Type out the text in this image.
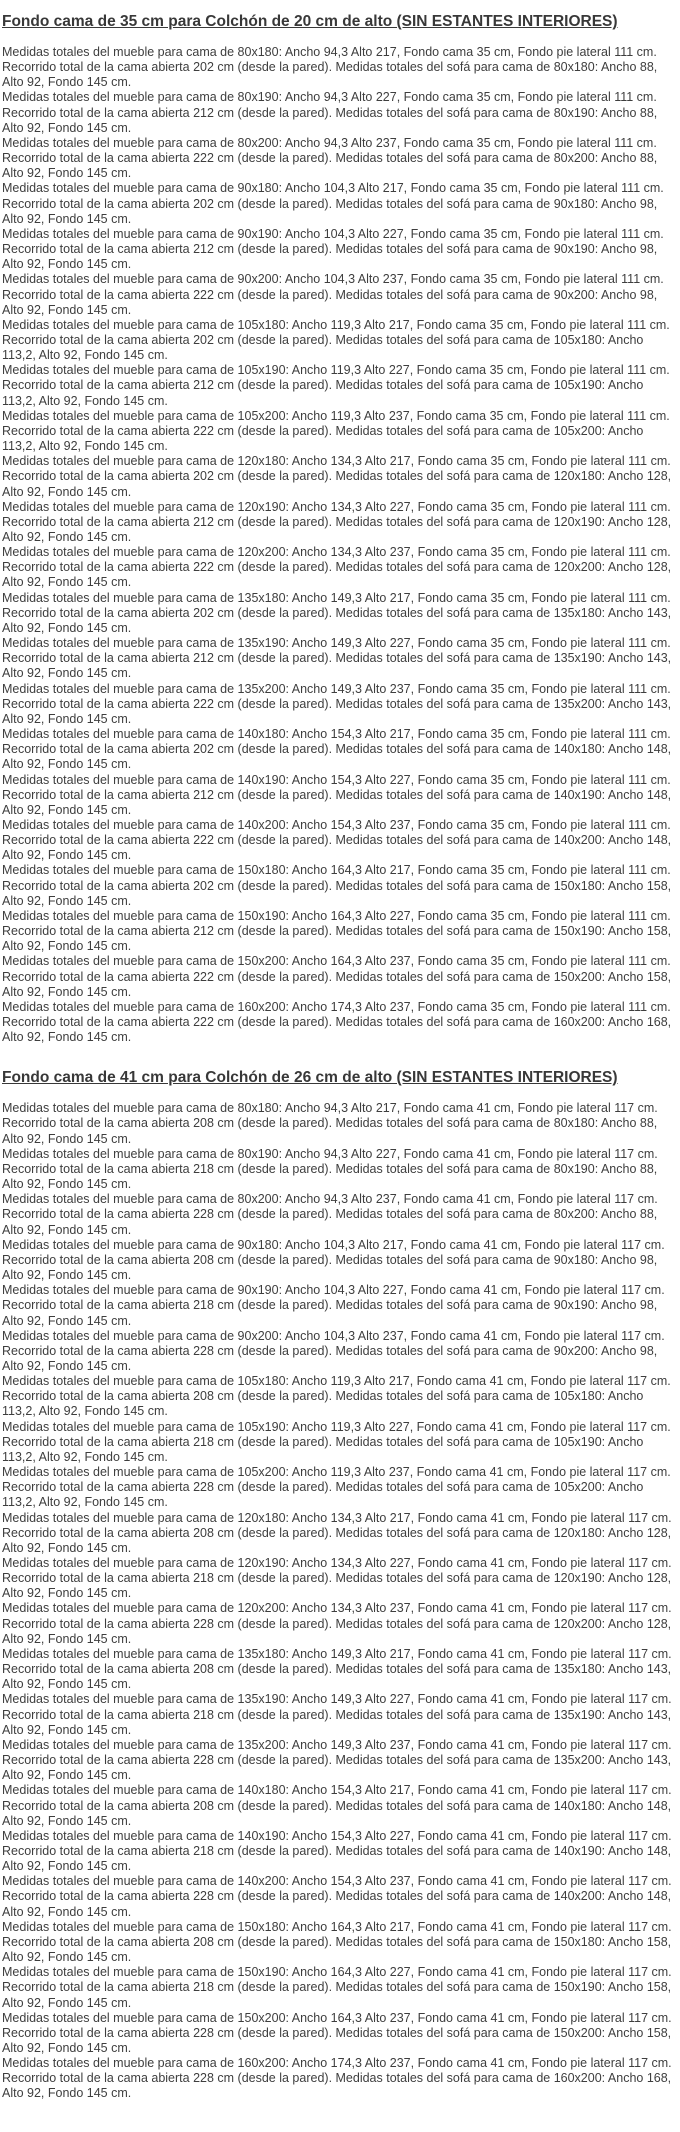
Fondo cama de 35 cm para Colchón de 20 cm de alto (SIN ESTANTES INTERIORES)

Medidas totales del mueble para cama de 80x180: Ancho 94,3 Alto 217, Fondo cama 35 cm, Fondo pie lateral 111 cm. Recorrido total de la cama abierta 202 cm (desde la pared). Medidas totales del sofá para cama de 80x180: Ancho 88, Alto 92, Fondo 145 cm.

Medidas totales del mueble para cama de 80x190: Ancho 94,3 Alto 227, Fondo cama 35 cm, Fondo pie lateral 111 cm. Recorrido total de la cama abierta 212 cm (desde la pared). Medidas totales del sofá para cama de 80x190: Ancho 88, Alto 92, Fondo 145 cm.

Medidas totales del mueble para cama de 80x200: Ancho 94,3 Alto 237, Fondo cama 35 cm, Fondo pie lateral 111 cm. Recorrido total de la cama abierta 222 cm (desde la pared). Medidas totales del sofá para cama de 80x200: Ancho 88, Alto 92, Fondo 145 cm.

Medidas totales del mueble para cama de 90x180: Ancho 104,3 Alto 217, Fondo cama 35 cm, Fondo pie lateral 111 cm. Recorrido total de la cama abierta 202 cm (desde la pared). Medidas totales del sofá para cama de 90x180: Ancho 98, Alto 92, Fondo 145 cm.

Medidas totales del mueble para cama de 90x190: Ancho 104,3 Alto 227, Fondo cama 35 cm, Fondo pie lateral 111 cm. Recorrido total de la cama abierta 212 cm (desde la pared). Medidas totales del sofá para cama de 90x190: Ancho 98, Alto 92, Fondo 145 cm.

Medidas totales del mueble para cama de 90x200: Ancho 104,3 Alto 237, Fondo cama 35 cm, Fondo pie lateral 111 cm. Recorrido total de la cama abierta 222 cm (desde la pared). Medidas totales del sofá para cama de 90x200: Ancho 98, Alto 92, Fondo 145 cm.

Medidas totales del mueble para cama de 105x180: Ancho 119,3 Alto 217, Fondo cama 35 cm, Fondo pie lateral 111 cm. Recorrido total de la cama abierta 202 cm (desde la pared). Medidas totales del sofá para cama de 105x180: Ancho 113,2, Alto 92, Fondo 145 cm.

Medidas totales del mueble para cama de 105x190: Ancho 119,3 Alto 227, Fondo cama 35 cm, Fondo pie lateral 111 cm. Recorrido total de la cama abierta 212 cm (desde la pared). Medidas totales del sofá para cama de 105x190: Ancho 113,2, Alto 92, Fondo 145 cm.

Medidas totales del mueble para cama de 105x200: Ancho 119,3 Alto 237, Fondo cama 35 cm, Fondo pie lateral 111 cm. Recorrido total de la cama abierta 222 cm (desde la pared). Medidas totales del sofá para cama de 105x200: Ancho 113,2, Alto 92, Fondo 145 cm.

Medidas totales del mueble para cama de 120x180: Ancho 134,3 Alto 217, Fondo cama 35 cm, Fondo pie lateral 111 cm. Recorrido total de la cama abierta 202 cm (desde la pared). Medidas totales del sofá para cama de 120x180: Ancho 128, Alto 92, Fondo 145 cm.

Medidas totales del mueble para cama de 120x190: Ancho 134,3 Alto 227, Fondo cama 35 cm, Fondo pie lateral 111 cm. Recorrido total de la cama abierta 212 cm (desde la pared). Medidas totales del sofá para cama de 120x190: Ancho 128, Alto 92, Fondo 145 cm.

Medidas totales del mueble para cama de 120x200: Ancho 134,3 Alto 237, Fondo cama 35 cm, Fondo pie lateral 111 cm. Recorrido total de la cama abierta 222 cm (desde la pared). Medidas totales del sofá para cama de 120x200: Ancho 128, Alto 92, Fondo 145 cm.

Medidas totales del mueble para cama de 135x180: Ancho 149,3 Alto 217, Fondo cama 35 cm, Fondo pie lateral 111 cm. Recorrido total de la cama abierta 202 cm (desde la pared). Medidas totales del sofá para cama de 135x180: Ancho 143, Alto 92, Fondo 145 cm.

Medidas totales del mueble para cama de 135x190: Ancho 149,3 Alto 227, Fondo cama 35 cm, Fondo pie lateral 111 cm. Recorrido total de la cama abierta 212 cm (desde la pared). Medidas totales del sofá para cama de 135x190: Ancho 143, Alto 92, Fondo 145 cm.

Medidas totales del mueble para cama de 135x200: Ancho 149,3 Alto 237, Fondo cama 35 cm, Fondo pie lateral 111 cm. Recorrido total de la cama abierta 222 cm (desde la pared). Medidas totales del sofá para cama de 135x200: Ancho 143, Alto 92, Fondo 145 cm.

Medidas totales del mueble para cama de 140x180: Ancho 154,3 Alto 217, Fondo cama 35 cm, Fondo pie lateral 111 cm. Recorrido total de la cama abierta 202 cm (desde la pared). Medidas totales del sofá para cama de 140x180: Ancho 148, Alto 92, Fondo 145 cm.

Medidas totales del mueble para cama de 140x190: Ancho 154,3 Alto 227, Fondo cama 35 cm, Fondo pie lateral 111 cm. Recorrido total de la cama abierta 212 cm (desde la pared). Medidas totales del sofá para cama de 140x190: Ancho 148, Alto 92, Fondo 145 cm.

Medidas totales del mueble para cama de 140x200: Ancho 154,3 Alto 237, Fondo cama 35 cm, Fondo pie lateral 111 cm. Recorrido total de la cama abierta 222 cm (desde la pared). Medidas totales del sofá para cama de 140x200: Ancho 148, Alto 92, Fondo 145 cm.

Medidas totales del mueble para cama de 150x180: Ancho 164,3 Alto 217, Fondo cama 35 cm, Fondo pie lateral 111 cm. Recorrido total de la cama abierta 202 cm (desde la pared). Medidas totales del sofá para cama de 150x180: Ancho 158, Alto 92, Fondo 145 cm.

Medidas totales del mueble para cama de 150x190: Ancho 164,3 Alto 227, Fondo cama 35 cm, Fondo pie lateral 111 cm. Recorrido total de la cama abierta 212 cm (desde la pared). Medidas totales del sofá para cama de 150x190: Ancho 158, Alto 92, Fondo 145 cm.

Medidas totales del mueble para cama de 150x200: Ancho 164,3 Alto 237, Fondo cama 35 cm, Fondo pie lateral 111 cm. Recorrido total de la cama abierta 222 cm (desde la pared). Medidas totales del sofá para cama de 150x200: Ancho 158, Alto 92, Fondo 145 cm.

Medidas totales del mueble para cama de 160x200: Ancho 174,3 Alto 237, Fondo cama 35 cm, Fondo pie lateral 111 cm. Recorrido total de la cama abierta 222 cm (desde la pared). Medidas totales del sofá para cama de 160x200: Ancho 168, Alto 92, Fondo 145 cm.

Fondo cama de 41 cm para Colchón de 26 cm de alto (SIN ESTANTES INTERIORES)

Medidas totales del mueble para cama de 80x180: Ancho 94,3 Alto 217, Fondo cama 41 cm, Fondo pie lateral 117 cm. Recorrido total de la cama abierta 208 cm (desde la pared). Medidas totales del sofá para cama de 80x180: Ancho 88, Alto 92, Fondo 145 cm.

Medidas totales del mueble para cama de 80x190: Ancho 94,3 Alto 227, Fondo cama 41 cm, Fondo pie lateral 117 cm. Recorrido total de la cama abierta 218 cm (desde la pared). Medidas totales del sofá para cama de 80x190: Ancho 88, Alto 92, Fondo 145 cm.

Medidas totales del mueble para cama de 80x200: Ancho 94,3 Alto 237, Fondo cama 41 cm, Fondo pie lateral 117 cm. Recorrido total de la cama abierta 228 cm (desde la pared). Medidas totales del sofá para cama de 80x200: Ancho 88, Alto 92, Fondo 145 cm.

Medidas totales del mueble para cama de 90x180: Ancho 104,3 Alto 217, Fondo cama 41 cm, Fondo pie lateral 117 cm. Recorrido total de la cama abierta 208 cm (desde la pared). Medidas totales del sofá para cama de 90x180: Ancho 98, Alto 92, Fondo 145 cm.

Medidas totales del mueble para cama de 90x190: Ancho 104,3 Alto 227, Fondo cama 41 cm, Fondo pie lateral 117 cm. Recorrido total de la cama abierta 218 cm (desde la pared). Medidas totales del sofá para cama de 90x190: Ancho 98, Alto 92, Fondo 145 cm.

Medidas totales del mueble para cama de 90x200: Ancho 104,3 Alto 237, Fondo cama 41 cm, Fondo pie lateral 117 cm. Recorrido total de la cama abierta 228 cm (desde la pared). Medidas totales del sofá para cama de 90x200: Ancho 98, Alto 92, Fondo 145 cm.

Medidas totales del mueble para cama de 105x180: Ancho 119,3 Alto 217, Fondo cama 41 cm, Fondo pie lateral 117 cm. Recorrido total de la cama abierta 208 cm (desde la pared). Medidas totales del sofá para cama de 105x180: Ancho 113,2, Alto 92, Fondo 145 cm.

Medidas totales del mueble para cama de 105x190: Ancho 119,3 Alto 227, Fondo cama 41 cm, Fondo pie lateral 117 cm. Recorrido total de la cama abierta 218 cm (desde la pared). Medidas totales del sofá para cama de 105x190: Ancho 113,2, Alto 92, Fondo 145 cm.

Medidas totales del mueble para cama de 105x200: Ancho 119,3 Alto 237, Fondo cama 41 cm, Fondo pie lateral 117 cm. Recorrido total de la cama abierta 228 cm (desde la pared). Medidas totales del sofá para cama de 105x200: Ancho 113,2, Alto 92, Fondo 145 cm.

Medidas totales del mueble para cama de 120x180: Ancho 134,3 Alto 217, Fondo cama 41 cm, Fondo pie lateral 117 cm. Recorrido total de la cama abierta 208 cm (desde la pared). Medidas totales del sofá para cama de 120x180: Ancho 128, Alto 92, Fondo 145 cm.

Medidas totales del mueble para cama de 120x190: Ancho 134,3 Alto 227, Fondo cama 41 cm, Fondo pie lateral 117 cm. Recorrido total de la cama abierta 218 cm (desde la pared). Medidas totales del sofá para cama de 120x190: Ancho 128, Alto 92, Fondo 145 cm.

Medidas totales del mueble para cama de 120x200: Ancho 134,3 Alto 237, Fondo cama 41 cm, Fondo pie lateral 117 cm. Recorrido total de la cama abierta 228 cm (desde la pared). Medidas totales del sofá para cama de 120x200: Ancho 128, Alto 92, Fondo 145 cm.

Medidas totales del mueble para cama de 135x180: Ancho 149,3 Alto 217, Fondo cama 41 cm, Fondo pie lateral 117 cm. Recorrido total de la cama abierta 208 cm (desde la pared). Medidas totales del sofá para cama de 135x180: Ancho 143, Alto 92, Fondo 145 cm.

Medidas totales del mueble para cama de 135x190: Ancho 149,3 Alto 227, Fondo cama 41 cm, Fondo pie lateral 117 cm. Recorrido total de la cama abierta 218 cm (desde la pared). Medidas totales del sofá para cama de 135x190: Ancho 143, Alto 92, Fondo 145 cm.

Medidas totales del mueble para cama de 135x200: Ancho 149,3 Alto 237, Fondo cama 41 cm, Fondo pie lateral 117 cm. Recorrido total de la cama abierta 228 cm (desde la pared). Medidas totales del sofá para cama de 135x200: Ancho 143, Alto 92, Fondo 145 cm.

Medidas totales del mueble para cama de 140x180: Ancho 154,3 Alto 217, Fondo cama 41 cm, Fondo pie lateral 117 cm. Recorrido total de la cama abierta 208 cm (desde la pared). Medidas totales del sofá para cama de 140x180: Ancho 148, Alto 92, Fondo 145 cm.

Medidas totales del mueble para cama de 140x190: Ancho 154,3 Alto 227, Fondo cama 41 cm, Fondo pie lateral 117 cm. Recorrido total de la cama abierta 218 cm (desde la pared). Medidas totales del sofá para cama de 140x190: Ancho 148, Alto 92, Fondo 145 cm.

Medidas totales del mueble para cama de 140x200: Ancho 154,3 Alto 237, Fondo cama 41 cm, Fondo pie lateral 117 cm. Recorrido total de la cama abierta 228 cm (desde la pared). Medidas totales del sofá para cama de 140x200: Ancho 148, Alto 92, Fondo 145 cm.

Medidas totales del mueble para cama de 150x180: Ancho 164,3 Alto 217, Fondo cama 41 cm, Fondo pie lateral 117 cm. Recorrido total de la cama abierta 208 cm (desde la pared). Medidas totales del sofá para cama de 150x180: Ancho 158, Alto 92, Fondo 145 cm.

Medidas totales del mueble para cama de 150x190: Ancho 164,3 Alto 227, Fondo cama 41 cm, Fondo pie lateral 117 cm. Recorrido total de la cama abierta 218 cm (desde la pared). Medidas totales del sofá para cama de 150x190: Ancho 158, Alto 92, Fondo 145 cm.

Medidas totales del mueble para cama de 150x200: Ancho 164,3 Alto 237, Fondo cama 41 cm, Fondo pie lateral 117 cm. Recorrido total de la cama abierta 228 cm (desde la pared). Medidas totales del sofá para cama de 150x200: Ancho 158, Alto 92, Fondo 145 cm.

Medidas totales del mueble para cama de 160x200: Ancho 174,3 Alto 237, Fondo cama 41 cm, Fondo pie lateral 117 cm. Recorrido total de la cama abierta 228 cm (desde la pared). Medidas totales del sofá para cama de 160x200: Ancho 168, Alto 92, Fondo 145 cm.
